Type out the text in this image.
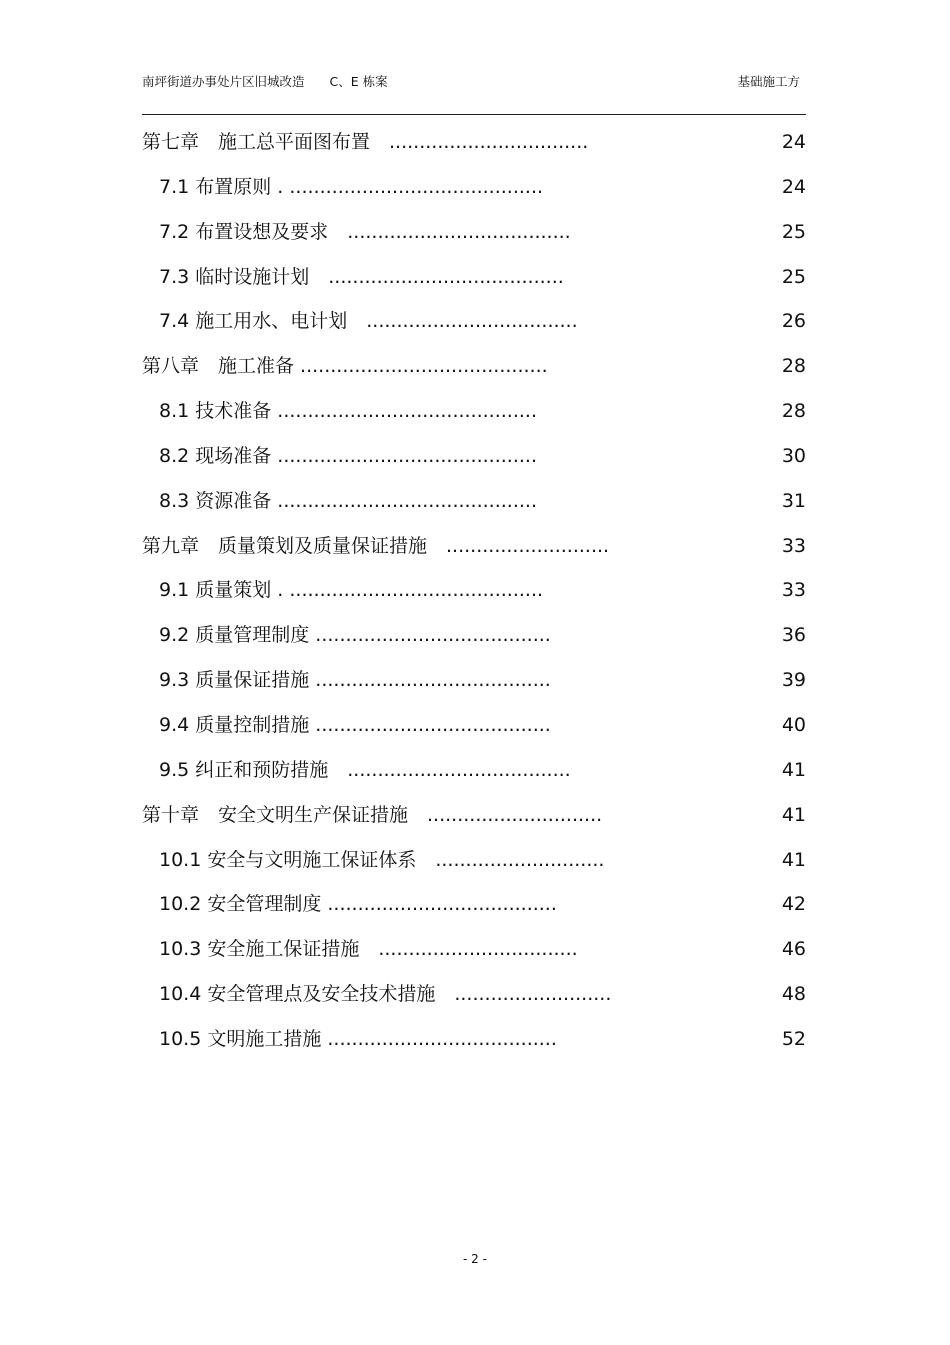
南坪街道办事处片区旧城改造　　C、E 栋案	基础施工方
第七章　施工总平面图布置　.................................	24
7.1 布置原则 . ..........................................	24
7.2 布置设想及要求　.....................................	25
7.3 临时设施计划　.......................................	25
7.4 施工用水、电计划　...................................	26
第八章　施工准备 .........................................	28
8.1 技术准备 ...........................................	28
8.2 现场准备 ...........................................	30
8.3 资源准备 ...........................................	31
第九章　质量策划及质量保证措施　...........................	33
9.1 质量策划 . ..........................................	33
9.2 质量管理制度 .......................................	36
9.3 质量保证措施 .......................................	39
9.4 质量控制措施 .......................................	40
9.5 纠正和预防措施　.....................................	41
第十章　安全文明生产保证措施　.............................	41
10.1 安全与文明施工保证体系　............................	41
10.2 安全管理制度 ......................................	42
10.3 安全施工保证措施　.................................	46
10.4 安全管理点及安全技术措施　..........................	48
10.5 文明施工措施 ......................................	52
- 2 -
